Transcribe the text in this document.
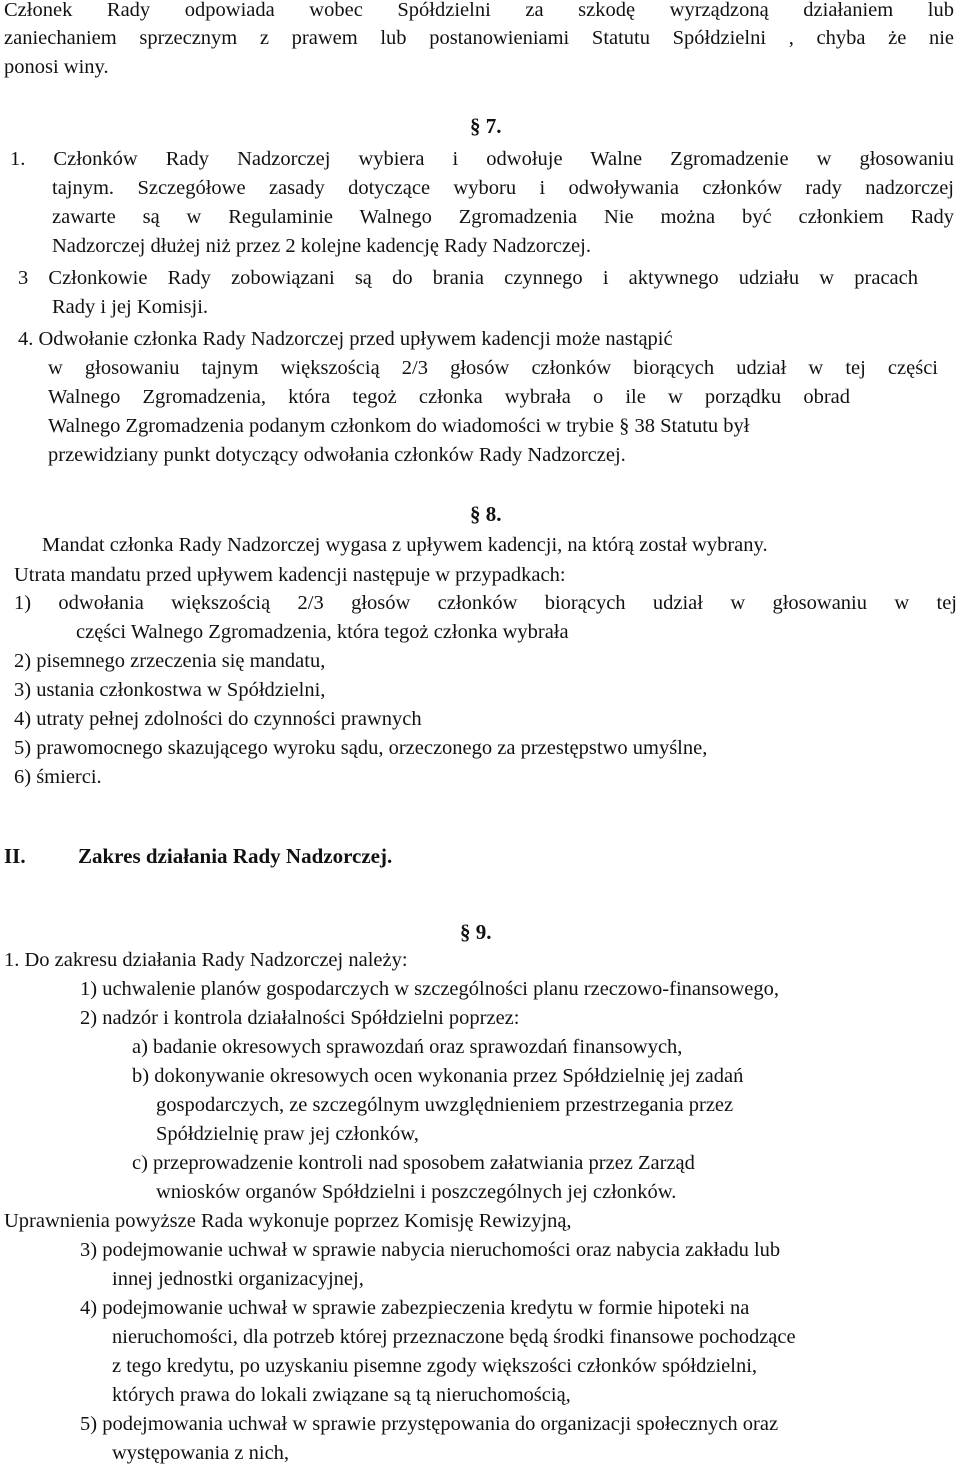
Członek Rady odpowiada wobec Spółdzielni za szkodę wyrządzoną działaniem lub
zaniechaniem sprzecznym z prawem lub postanowieniami Statutu Spółdzielni , chyba że nie
ponosi winy.
§ 7.
1. Członków Rady Nadzorczej wybiera i odwołuje Walne Zgromadzenie w głosowaniu
tajnym. Szczegółowe zasady dotyczące wyboru i odwoływania członków rady nadzorczej
zawarte są w Regulaminie Walnego Zgromadzenia Nie można być członkiem Rady
Nadzorczej dłużej niż przez 2 kolejne kadencję Rady Nadzorczej.
3 Członkowie Rady zobowiązani są do brania czynnego i aktywnego udziału w pracach
Rady i jej Komisji.
4. Odwołanie członka Rady Nadzorczej przed upływem kadencji może nastąpić
w głosowaniu tajnym większością 2/3 głosów członków biorących udział w tej części
Walnego Zgromadzenia, która tegoż członka wybrała o ile w porządku obrad
Walnego Zgromadzenia podanym członkom do wiadomości w trybie § 38 Statutu był
przewidziany punkt dotyczący odwołania członków Rady Nadzorczej.
§ 8.
Mandat członka Rady Nadzorczej wygasa z upływem kadencji, na którą został wybrany.
Utrata mandatu przed upływem kadencji następuje w przypadkach:
1) odwołania większością 2/3 głosów członków biorących udział w głosowaniu w tej
części Walnego Zgromadzenia, która tegoż członka wybrała
2) pisemnego zrzeczenia się mandatu,
3) ustania członkostwa w Spółdzielni,
4) utraty pełnej zdolności do czynności prawnych
5) prawomocnego skazującego wyroku sądu, orzeczonego za przestępstwo umyślne,
6) śmierci.
II. Zakres działania Rady Nadzorczej.
§ 9.
1. Do zakresu działania Rady Nadzorczej należy:
1) uchwalenie planów gospodarczych w szczególności planu rzeczowo-finansowego,
2) nadzór i kontrola działalności Spółdzielni poprzez:
a) badanie okresowych sprawozdań oraz sprawozdań finansowych,
b) dokonywanie okresowych ocen wykonania przez Spółdzielnię jej zadań
gospodarczych, ze szczególnym uwzględnieniem przestrzegania przez
Spółdzielnię praw jej członków,
c) przeprowadzenie kontroli nad sposobem załatwiania przez Zarząd
wniosków organów Spółdzielni i poszczególnych jej członków.
Uprawnienia powyższe Rada wykonuje poprzez Komisję Rewizyjną,
3) podejmowanie uchwał w sprawie nabycia nieruchomości oraz nabycia zakładu lub
innej jednostki organizacyjnej,
4) podejmowanie uchwał w sprawie zabezpieczenia kredytu w formie hipoteki na
nieruchomości, dla potrzeb której przeznaczone będą środki finansowe pochodzące
z tego kredytu, po uzyskaniu pisemne zgody większości członków spółdzielni,
których prawa do lokali związane są tą nieruchomością,
5) podejmowania uchwał w sprawie przystępowania do organizacji społecznych oraz
występowania z nich,
